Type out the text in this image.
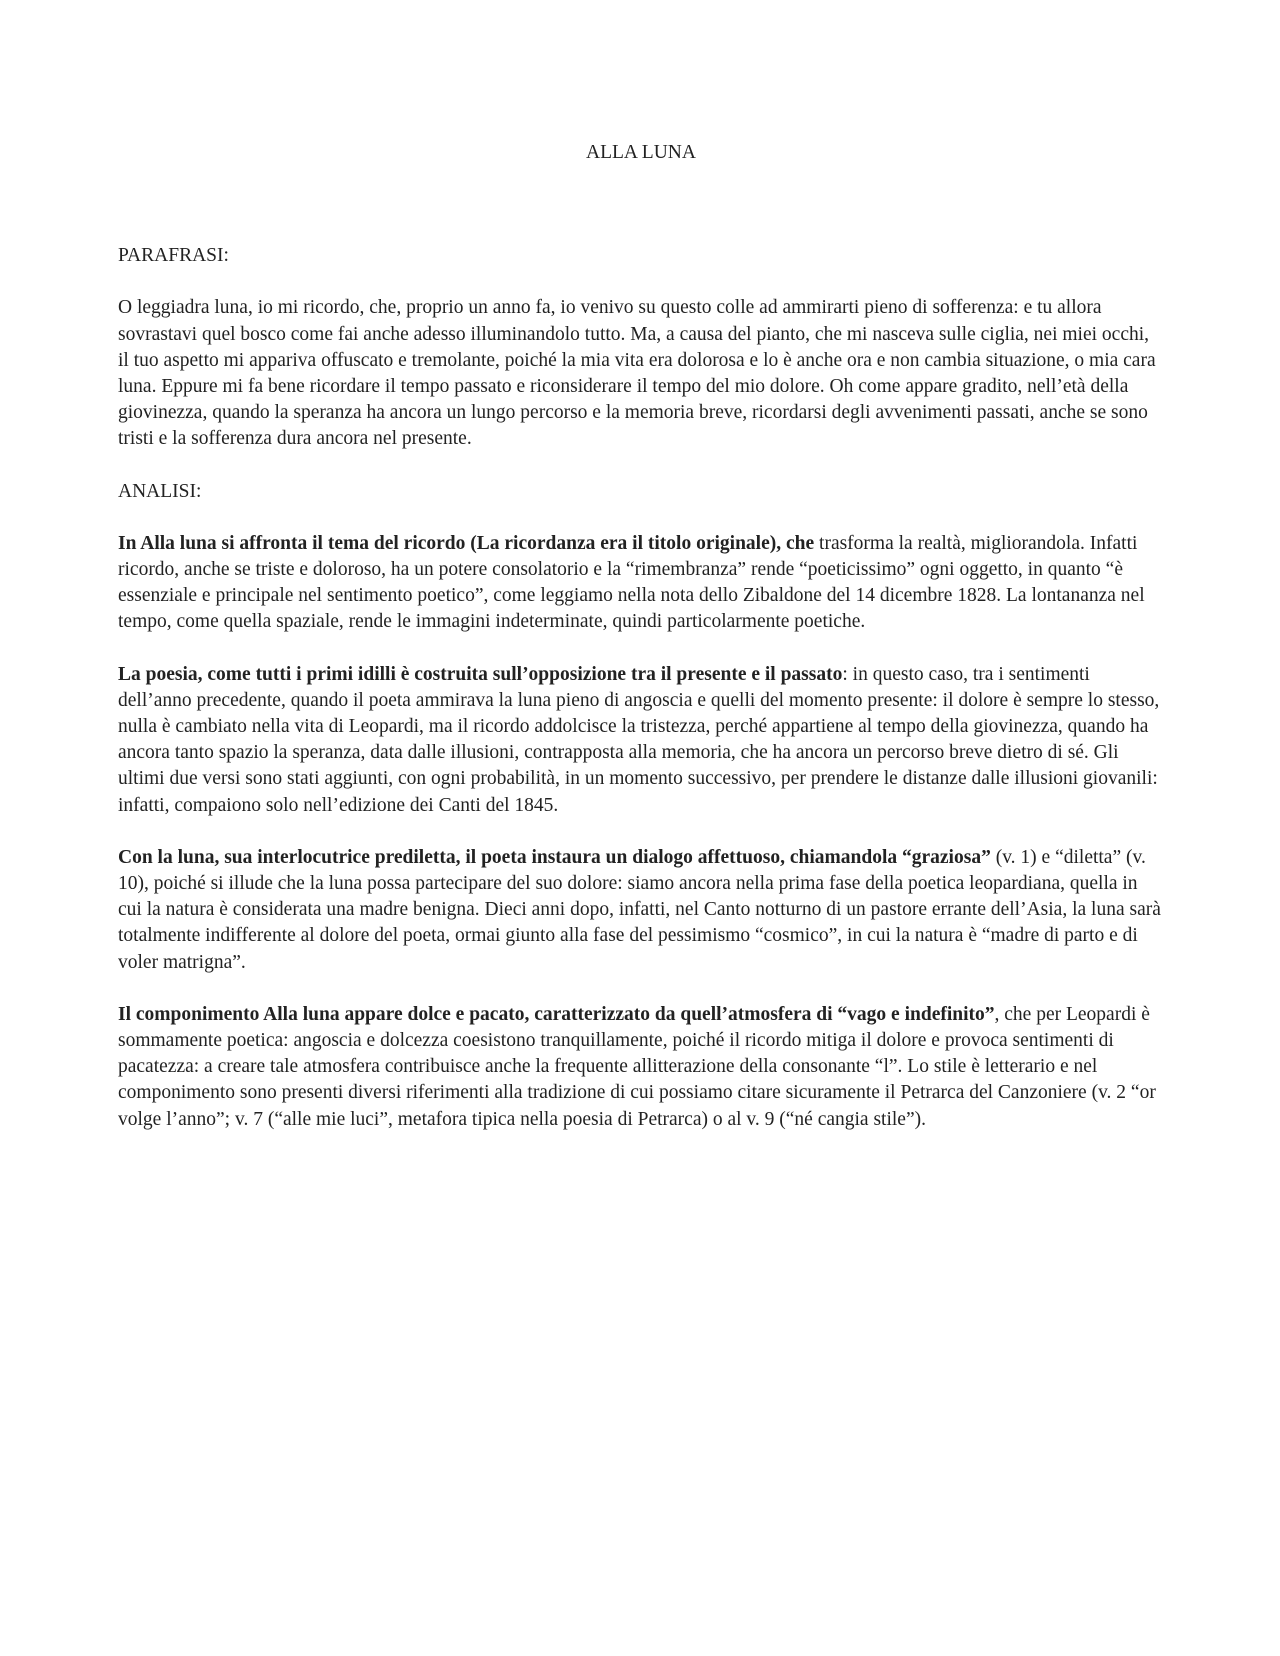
ALLA LUNA
PARAFRASI:

O leggiadra luna, io mi ricordo, che, proprio un anno fa, io venivo su questo colle ad ammirarti pieno di sofferenza: e tu allora sovrastavi quel bosco come fai anche adesso illuminandolo tutto. Ma, a causa del pianto, che mi nasceva sulle ciglia, nei miei occhi, il tuo aspetto mi appariva offuscato e tremolante, poiché la mia vita era dolorosa e lo è anche ora e non cambia situazione, o mia cara luna. Eppure mi fa bene ricordare il tempo passato e riconsiderare il tempo del mio dolore. Oh come appare gradito, nell’età della giovinezza, quando la speranza ha ancora un lungo percorso e la memoria breve, ricordarsi degli avvenimenti passati, anche se sono tristi e la sofferenza dura ancora nel presente.

ANALISI:

In Alla luna si affronta il tema del ricordo (La ricordanza era il titolo originale), che trasforma la realtà, migliorandola. Infatti ricordo, anche se triste e doloroso, ha un potere consolatorio e la “rimembranza” rende “poeticissimo” ogni oggetto, in quanto “è essenziale e principale nel sentimento poetico”, come leggiamo nella nota dello Zibaldone del 14 dicembre 1828. La lontananza nel tempo, come quella spaziale, rende le immagini indeterminate, quindi particolarmente poetiche.

La poesia, come tutti i primi idilli è costruita sull’opposizione tra il presente e il passato: in questo caso, tra i sentimenti dell’anno precedente, quando il poeta ammirava la luna pieno di angoscia e quelli del momento presente: il dolore è sempre lo stesso, nulla è cambiato nella vita di Leopardi, ma il ricordo addolcisce la tristezza, perché appartiene al tempo della giovinezza, quando ha ancora tanto spazio la speranza, data dalle illusioni, contrapposta alla memoria, che ha ancora un percorso breve dietro di sé. Gli ultimi due versi sono stati aggiunti, con ogni probabilità, in un momento successivo, per prendere le distanze dalle illusioni giovanili: infatti, compaiono solo nell’edizione dei Canti del 1845.

Con la luna, sua interlocutrice prediletta, il poeta instaura un dialogo affettuoso, chiamandola “graziosa” (v. 1) e “diletta” (v. 10), poiché si illude che la luna possa partecipare del suo dolore: siamo ancora nella prima fase della poetica leopardiana, quella in cui la natura è considerata una madre benigna. Dieci anni dopo, infatti, nel Canto notturno di un pastore errante dell’Asia, la luna sarà totalmente indifferente al dolore del poeta, ormai giunto alla fase del pessimismo “cosmico”, in cui la natura è “madre di parto e di voler matrigna”.

Il componimento Alla luna appare dolce e pacato, caratterizzato da quell’atmosfera di “vago e indefinito”, che per Leopardi è sommamente poetica: angoscia e dolcezza coesistono tranquillamente, poiché il ricordo mitiga il dolore e provoca sentimenti di pacatezza: a creare tale atmosfera contribuisce anche la frequente allitterazione della consonante “l”. Lo stile è letterario e nel componimento sono presenti diversi riferimenti alla tradizione di cui possiamo citare sicuramente il Petrarca del Canzoniere (v. 2 “or volge l’anno”; v. 7 (“alle mie luci”, metafora tipica nella poesia di Petrarca) o al v. 9 (“né cangia stile”).
